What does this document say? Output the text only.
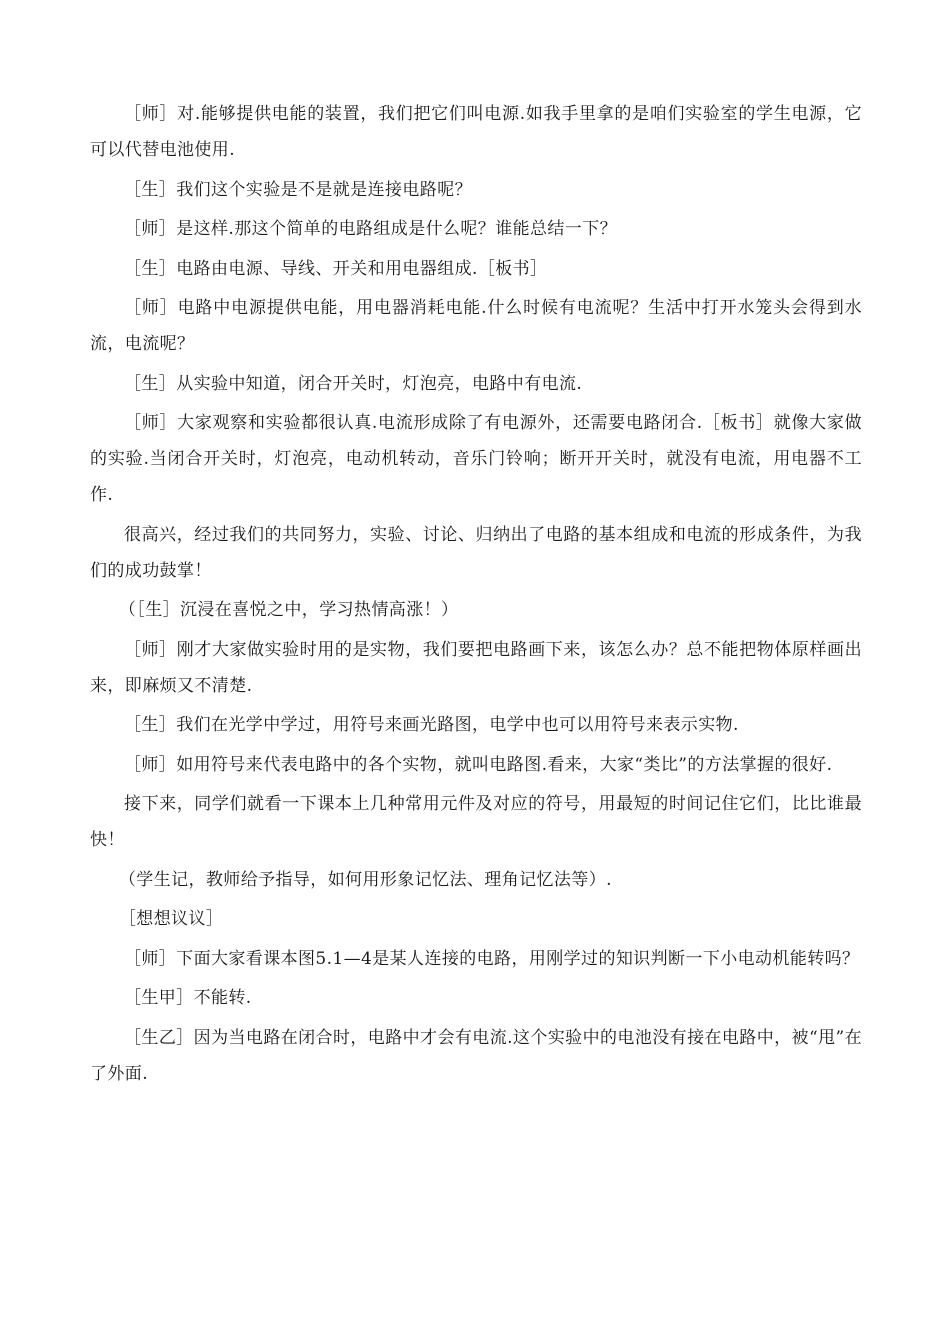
［师］对.能够提供电能的装置，我们把它们叫电源.如我手里拿的是咱们实验室的学生电源，它可以代替电池使用.

［生］我们这个实验是不是就是连接电路呢？

［师］是这样.那这个简单的电路组成是什么呢？谁能总结一下？

［生］电路由电源、导线、开关和用电器组成.［板书］

［师］电路中电源提供电能，用电器消耗电能.什么时候有电流呢？生活中打开水笼头会得到水流，电流呢？

［生］从实验中知道，闭合开关时，灯泡亮，电路中有电流.

［师］大家观察和实验都很认真.电流形成除了有电源外，还需要电路闭合.［板书］就像大家做的实验.当闭合开关时，灯泡亮，电动机转动，音乐门铃响；断开开关时，就没有电流，用电器不工作.

很高兴，经过我们的共同努力，实验、讨论、归纳出了电路的基本组成和电流的形成条件，为我们的成功鼓掌！

（［生］沉浸在喜悦之中，学习热情高涨！）

［师］刚才大家做实验时用的是实物，我们要把电路画下来，该怎么办？总不能把物体原样画出来，即麻烦又不清楚.

［生］我们在光学中学过，用符号来画光路图，电学中也可以用符号来表示实物.

［师］如用符号来代表电路中的各个实物，就叫电路图.看来，大家“类比”的方法掌握的很好.

接下来，同学们就看一下课本上几种常用元件及对应的符号，用最短的时间记住它们，比比谁最快！

（学生记，教师给予指导，如何用形象记忆法、理角记忆法等）.

［想想议议］

［师］下面大家看课本图5.1—4是某人连接的电路，用刚学过的知识判断一下小电动机能转吗？

［生甲］不能转.

［生乙］因为当电路在闭合时，电路中才会有电流.这个实验中的电池没有接在电路中，被“甩”在了外面.
